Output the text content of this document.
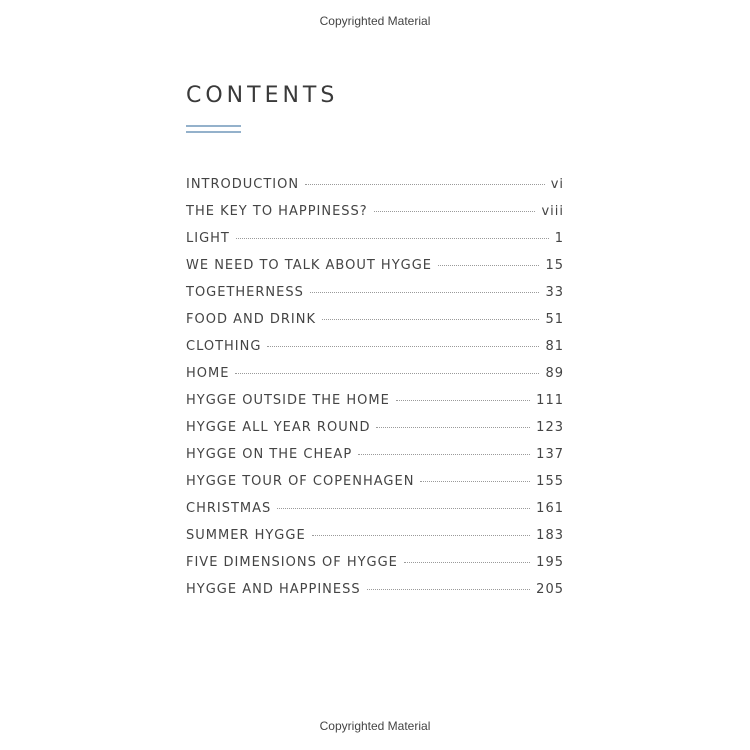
Copyrighted Material
CONTENTS
INTRODUCTION	vi
THE KEY TO HAPPINESS?	viii
LIGHT	1
WE NEED TO TALK ABOUT HYGGE	15
TOGETHERNESS	33
FOOD AND DRINK	51
CLOTHING	81
HOME	89
HYGGE OUTSIDE THE HOME	111
HYGGE ALL YEAR ROUND	123
HYGGE ON THE CHEAP	137
HYGGE TOUR OF COPENHAGEN	155
CHRISTMAS	161
SUMMER HYGGE	183
FIVE DIMENSIONS OF HYGGE	195
HYGGE AND HAPPINESS	205
Copyrighted Material
